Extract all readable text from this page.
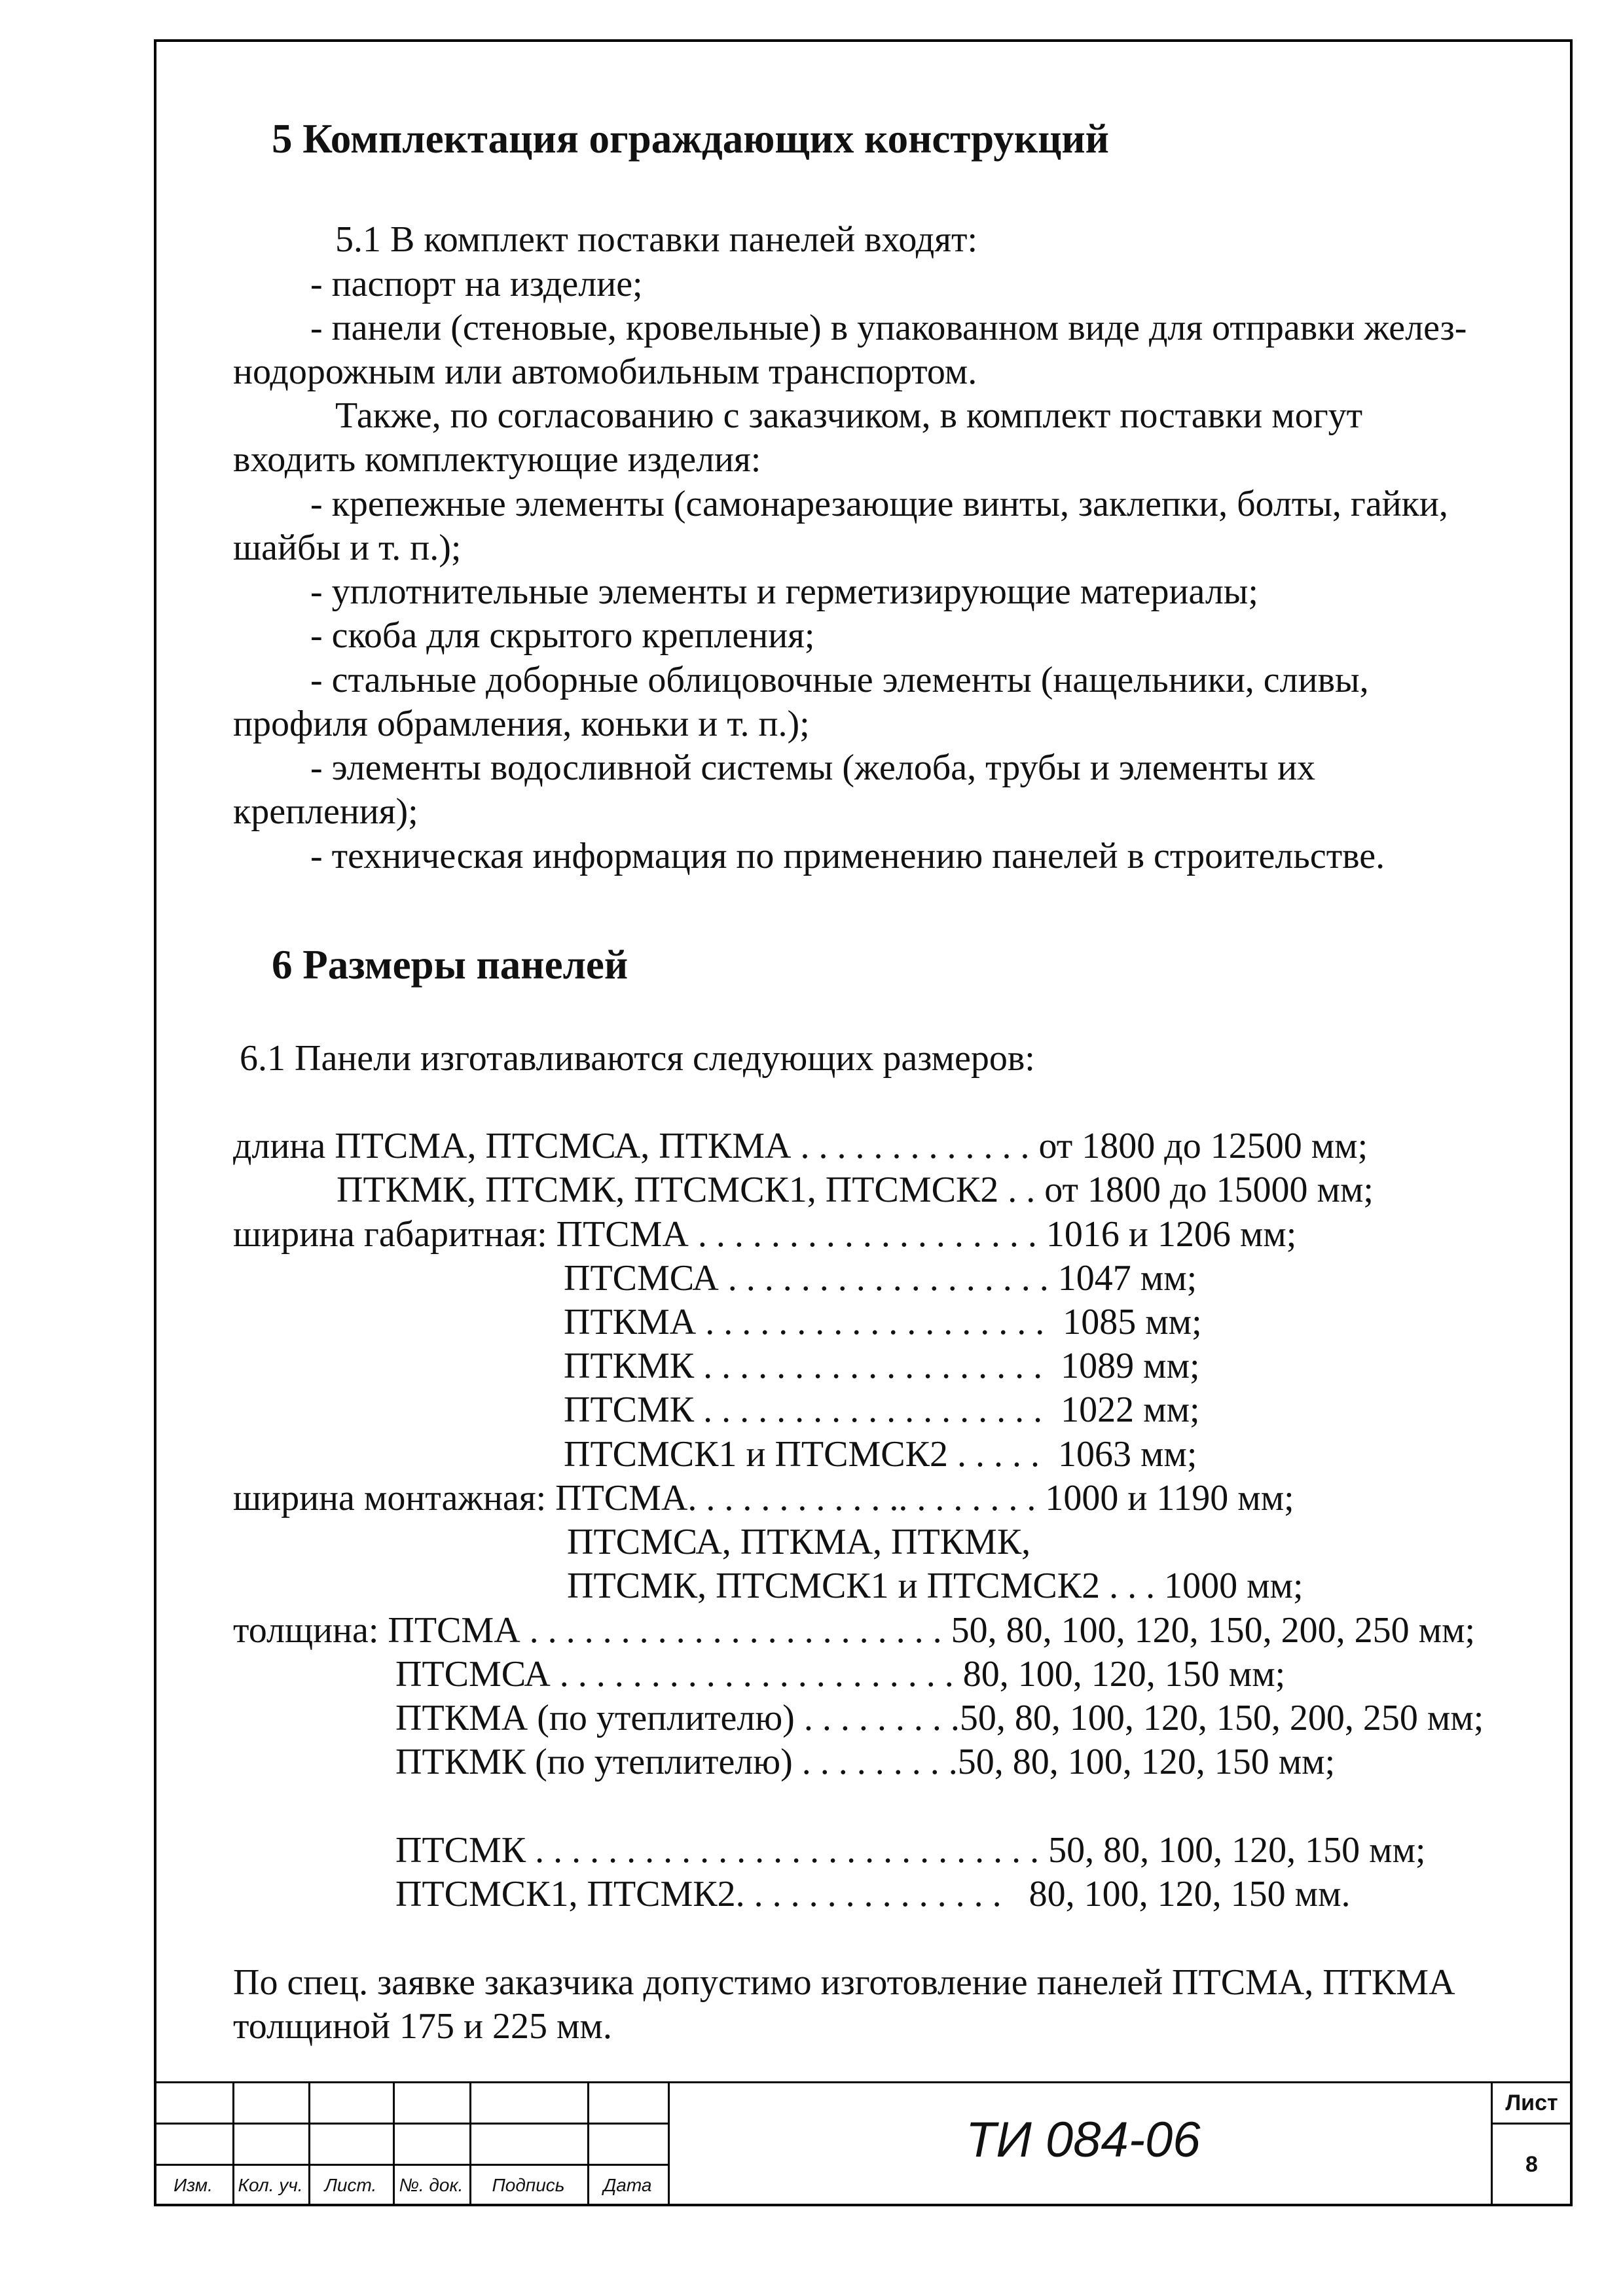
5 Комплектация ограждающих конструкций
5.1 В комплект поставки панелей входят:
- паспорт на изделие;
- панели (стеновые, кровельные) в упакованном виде для отправки желез-
нодорожным или автомобильным транспортом.
Также, по согласованию с заказчиком, в комплект поставки могут
входить комплектующие изделия:
- крепежные элементы (самонарезающие винты, заклепки, болты, гайки,
шайбы и т. п.);
- уплотнительные элементы и герметизирующие материалы;
- скоба для скрытого крепления;
- стальные доборные облицовочные элементы (нащельники, сливы,
профиля обрамления, коньки и т. п.);
- элементы водосливной системы (желоба, трубы и элементы их
крепления);
- техническая информация по применению панелей в строительстве.
6 Размеры панелей
6.1 Панели изготавливаются следующих размеров:
длина ПТСМА, ПТСМСА, ПТКМА . . . . . . . . . . . . . от 1800 до 12500 мм;
ПТКМК, ПТСМК, ПТСМСК1, ПТСМСК2 . . от 1800 до 15000 мм;
ширина габаритная: ПТСМА . . . . . . . . . . . . . . . . . . . 1016 и 1206 мм;
ПТСМСА . . . . . . . . . . . . . . . . . . 1047 мм;
ПТКМА . . . . . . . . . . . . . . . . . . .  1085 мм;
ПТКМК . . . . . . . . . . . . . . . . . . .  1089 мм;
ПТСМК . . . . . . . . . . . . . . . . . . .  1022 мм;
ПТСМСК1 и ПТСМСК2 . . . . .  1063 мм;
ширина монтажная: ПТСМА. . . . . . . . . . . .. . . . . . . . 1000 и 1190 мм;
ПТСМСА, ПТКМА, ПТКМК,
ПТСМК, ПТСМСК1 и ПТСМСК2 . . . 1000 мм;
толщина: ПТСМА . . . . . . . . . . . . . . . . . . . . . . . 50, 80, 100, 120, 150, 200, 250 мм;
ПТСМСА . . . . . . . . . . . . . . . . . . . . . . 80, 100, 120, 150 мм;
ПТКМА (по утеплителю) . . . . . . . . .50, 80, 100, 120, 150, 200, 250 мм;
ПТКМК (по утеплителю) . . . . . . . . .50, 80, 100, 120, 150 мм;
ПТСМК . . . . . . . . . . . . . . . . . . . . . . . . . . . . 50, 80, 100, 120, 150 мм;
ПТСМСК1, ПТСМК2. . . . . . . . . . . . . . .   80, 100, 120, 150 мм.
По спец. заявке заказчика допустимо изготовление панелей ПТСМА, ПТКМА
толщиной 175 и 225 мм.
Изм.	Кол. уч.	Лист.	№. док.	Подпись	Дата
ТИ 084-06
Лист
8
